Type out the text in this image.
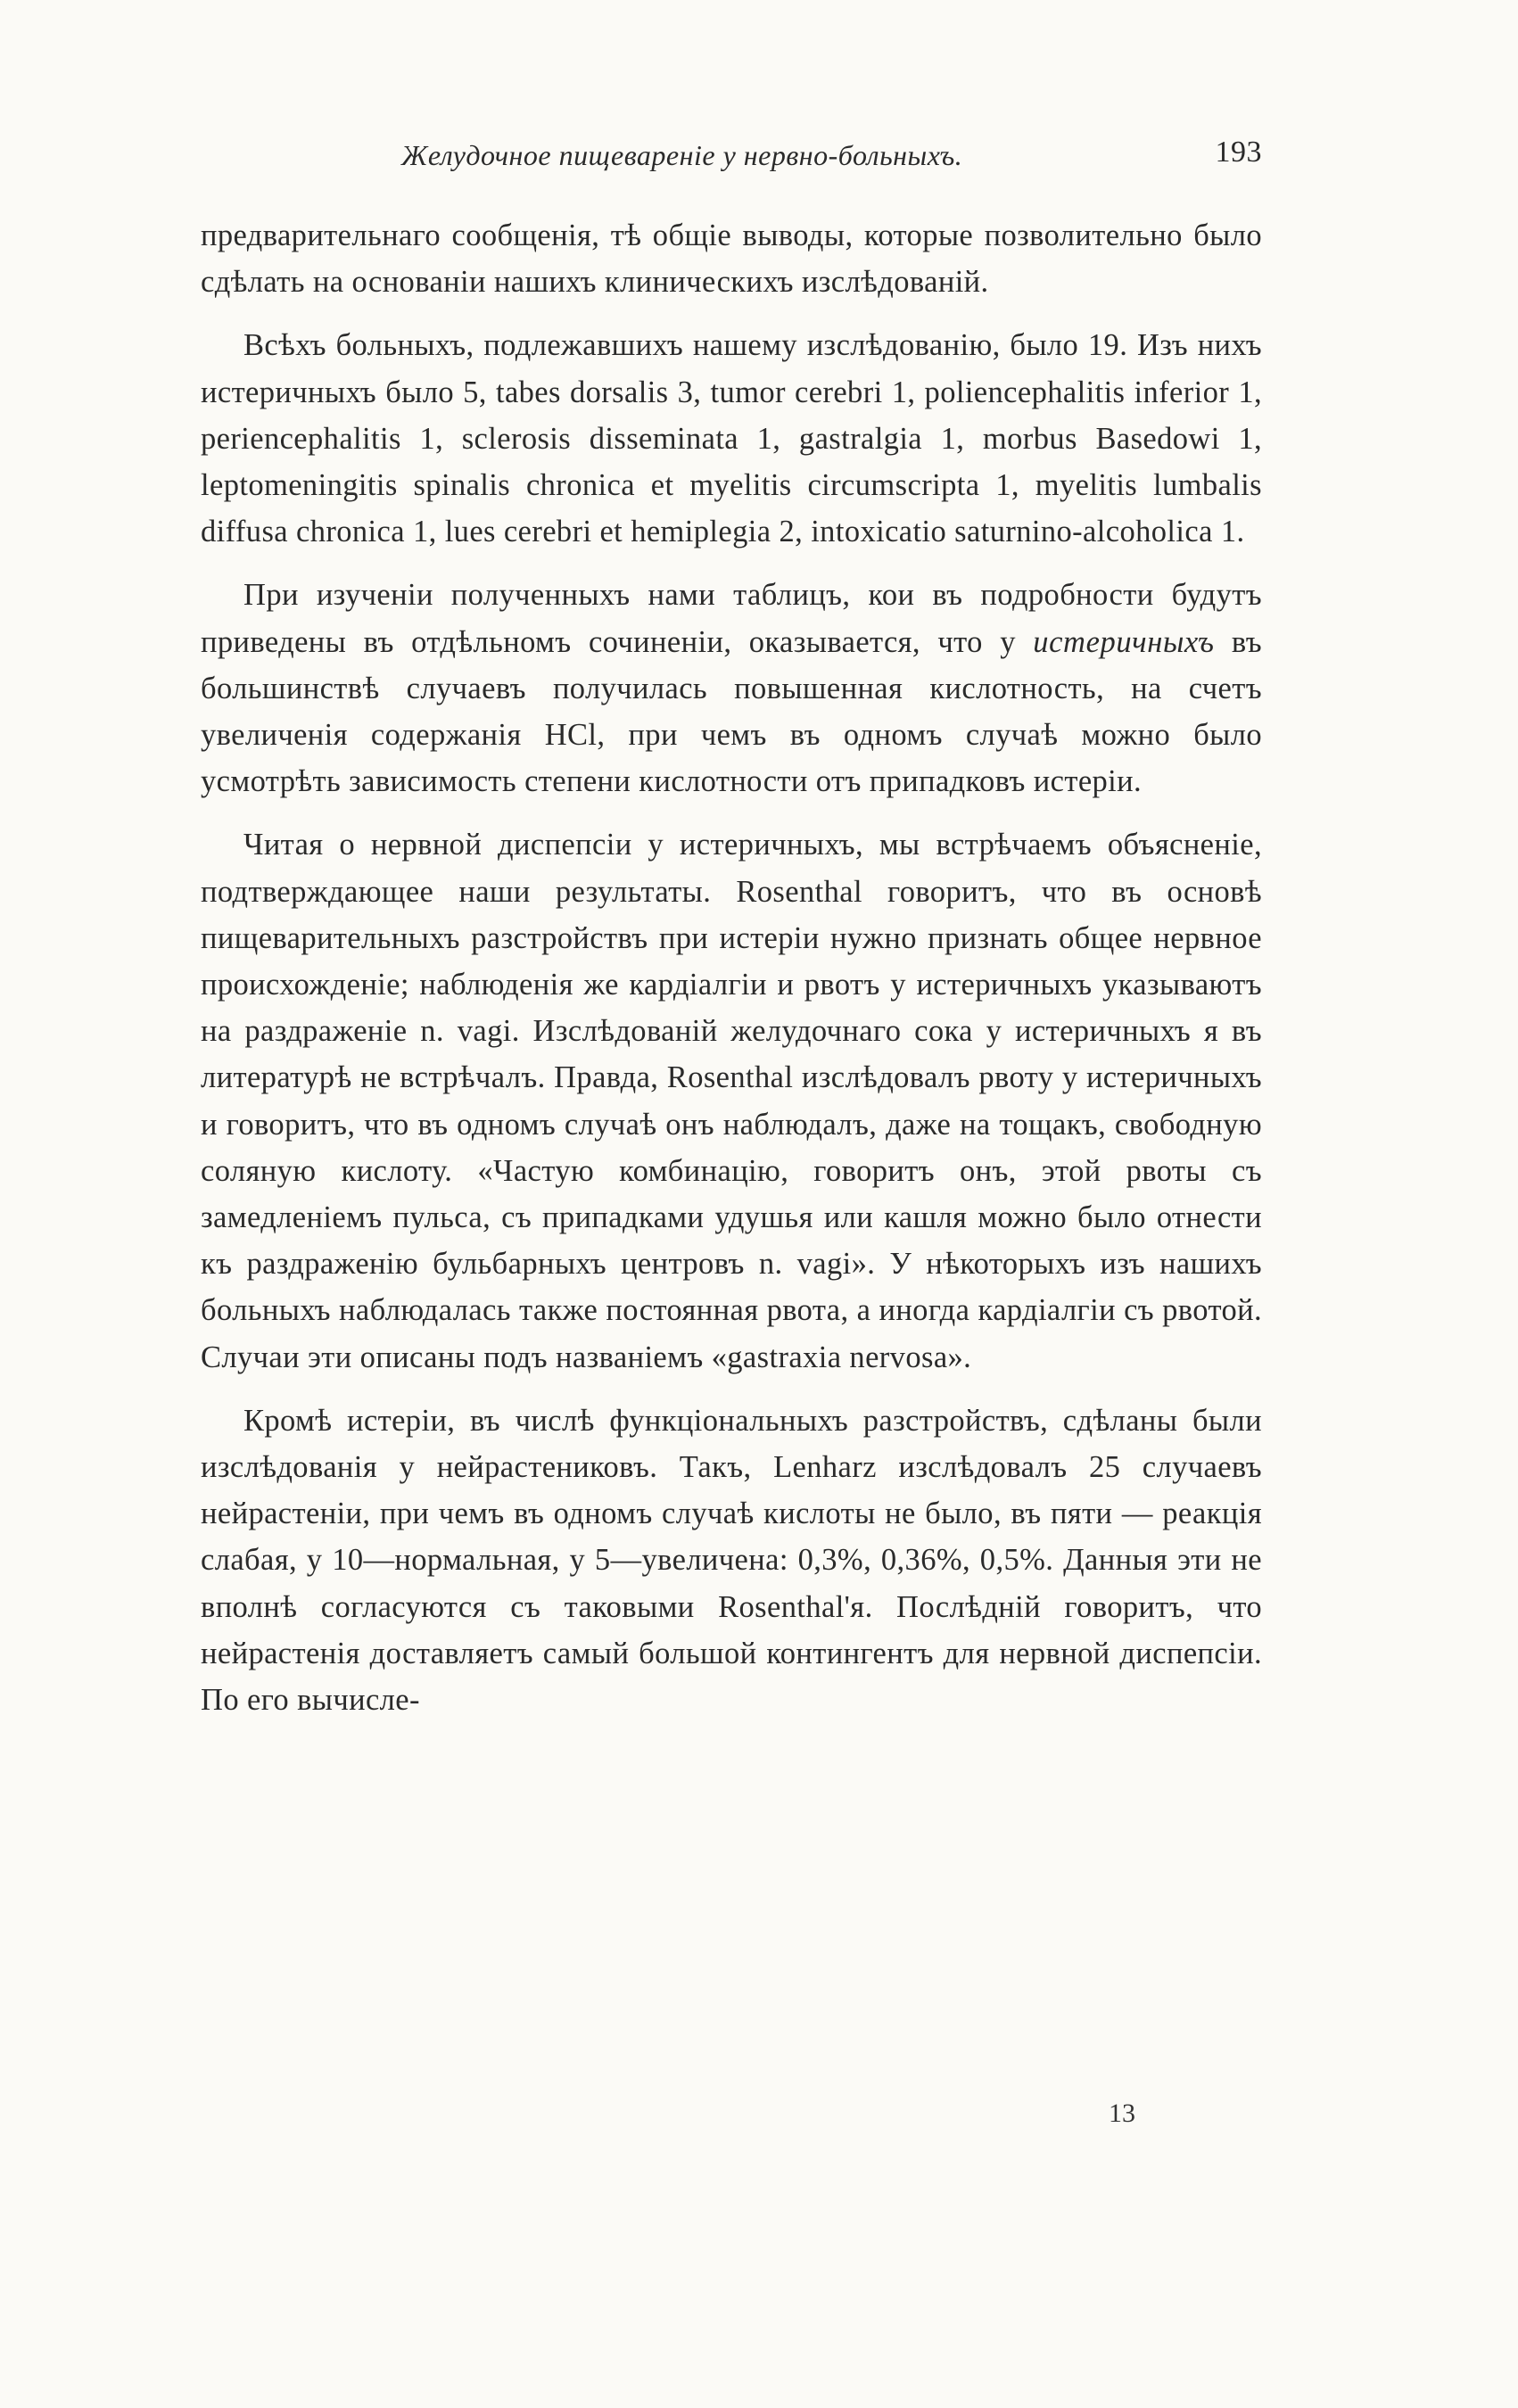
Желудочное пищевареніе у нервно-больныхъ.	193

предварительнаго сообщенія, тѣ общіе выводы, которые позволительно было сдѣлать на основаніи нашихъ клиническихъ изслѣдованій.

Всѣхъ больныхъ, подлежавшихъ нашему изслѣдованію, было 19. Изъ нихъ истеричныхъ было 5, tabes dorsalis 3, tumor cerebri 1, poliencephalitis inferior 1, periencephalitis 1, sclerosis disseminata 1, gastralgia 1, morbus Basedowi 1, leptomeningitis spinalis chronica et myelitis circumscripta 1, myelitis lumbalis diffusa chronica 1, lues cerebri et hemiplegia 2, intoxicatio saturnino-alcoholica 1.

При изученіи полученныхъ нами таблицъ, кои въ подробности будутъ приведены въ отдѣльномъ сочиненіи, оказывается, что у истеричныхъ въ большинствѣ случаевъ получилась повышенная кислотность, на счетъ увеличенія содержанія HCl, при чемъ въ одномъ случаѣ можно было усмотрѣть зависимость степени кислотности отъ припадковъ истеріи.

Читая о нервной диспепсіи у истеричныхъ, мы встрѣчаемъ объясненіе, подтверждающее наши результаты. Rosenthal говоритъ, что въ основѣ пищеварительныхъ разстройствъ при истеріи нужно признать общее нервное происхожденіе; наблюденія же кардіалгіи и рвотъ у истеричныхъ указываютъ на раздраженіе n. vagi. Изслѣдованій желудочнаго сока у истеричныхъ я въ литературѣ не встрѣчалъ. Правда, Rosenthal изслѣдовалъ рвоту у истеричныхъ и говоритъ, что въ одномъ случаѣ онъ наблюдалъ, даже на тощакъ, свободную соляную кислоту. «Частую комбинацію, говоритъ онъ, этой рвоты съ замедленіемъ пульса, съ припадками удушья или кашля можно было отнести къ раздраженію бульбарныхъ центровъ n. vagi». У нѣкоторыхъ изъ нашихъ больныхъ наблюдалась также постоянная рвота, а иногда кардіалгіи съ рвотой. Случаи эти описаны подъ названіемъ «gastraxia nervosa».

Кромѣ истеріи, въ числѣ функціональныхъ разстройствъ, сдѣланы были изслѣдованія у нейрастениковъ. Такъ, Lenharz изслѣдовалъ 25 случаевъ нейрастеніи, при чемъ въ одномъ случаѣ кислоты не было, въ пяти — реакція слабая, у 10—нормальная, у 5—увеличена: 0,3%, 0,36%, 0,5%. Данныя эти не вполнѣ согласуются съ таковыми Rosenthal'я. Послѣдній говоритъ, что нейрастенія доставляетъ самый большой контингентъ для нервной диспепсіи. По его вычисле-

13
